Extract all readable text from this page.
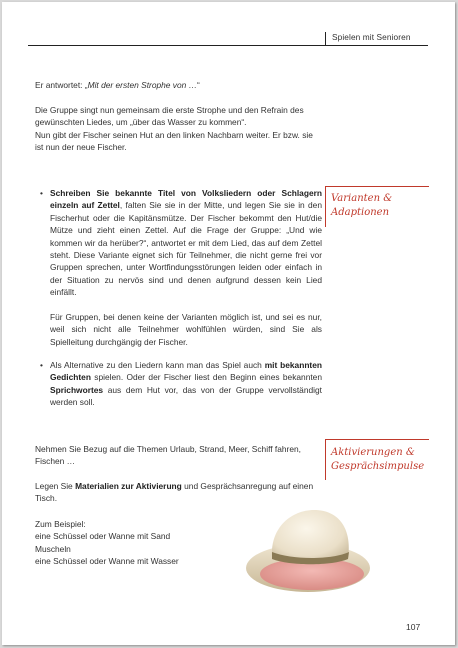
Spielen mit Senioren
Er antwortet: „Mit der ersten Strophe von …“

Die Gruppe singt nun gemeinsam die erste Strophe und den Refrain des gewünschten Liedes, um „über das Wasser zu kommen“.

Nun gibt der Fischer seinen Hut an den linken Nachbarn weiter. Er bzw. sie ist nun der neue Fischer.

Varianten &
Adaptionen
• Schreiben Sie bekannte Titel von Volksliedern oder Schlagern einzeln auf Zettel, falten Sie sie in der Mitte, und legen Sie sie in den Fischerhut oder die Kapitänsmütze. Der Fischer bekommt den Hut/die Mütze und zieht einen Zettel. Auf die Frage der Gruppe: „Und wie kommen wir da herüber?“, antwortet er mit dem Lied, das auf dem Zettel steht. Diese Variante eignet sich für Teilnehmer, die nicht gerne frei vor Gruppen sprechen, unter Wortfindungsstörungen leiden oder einfach in der Situation zu nervös sind und denen aufgrund dessen kein Lied einfällt.
Für Gruppen, bei denen keine der Varianten möglich ist, und sei es nur, weil sich nicht alle Teilnehmer wohlfühlen würden, sind Sie als Spielleitung durchgängig der Fischer.
• Als Alternative zu den Liedern kann man das Spiel auch mit bekannten Gedichten spielen. Oder der Fischer liest den Beginn eines bekannten Sprichwortes aus dem Hut vor, das von der Gruppe vervollständigt werden soll.
Aktivierungen &
Gesprächsimpulse
Nehmen Sie Bezug auf die Themen Urlaub, Strand, Meer, Schiff fahren, Fischen …
Legen Sie Materialien zur Aktivierung und Gesprächsanregung auf einen Tisch.
Zum Beispiel:
eine Schüssel oder Wanne mit Sand
Muscheln
eine Schüssel oder Wanne mit Wasser
107
